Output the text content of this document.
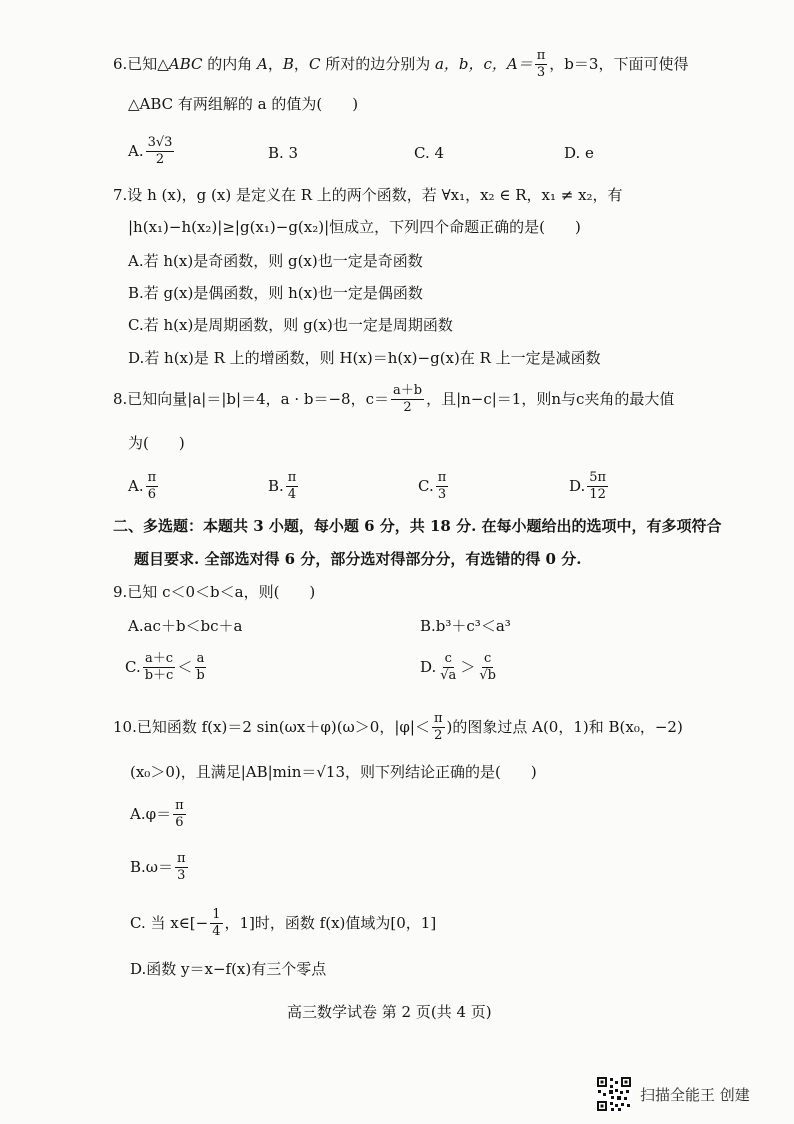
6.已知△ABC 的内角 A，B，C 所对的边分别为 a，b，c，$A= \frac{\pi}{3}$ ，b＝3，下面可使得
△ABC 有两组解的 a 的值为(　　)
A. $\frac{3√3}{2}$	B. 3	C. 4	D. e
7.设 h (x)，g (x) 是定义在 R 上的两个函数，若 ∀x₁，x₂ ∈ R，x₁ ≠ x₂，有
|h(x₁)−h(x₂)|≥|g(x₁)−g(x₂)|恒成立，下列四个命题正确的是(　　)
A.若 h(x)是奇函数，则 g(x)也一定是奇函数
B.若 g(x)是偶函数，则 h(x)也一定是偶函数
C.若 h(x)是周期函数，则 g(x)也一定是周期函数
D.若 h(x)是 R 上的增函数，则 H(x)＝h(x)−g(x)在 R 上一定是减函数
8.已知向量|a|＝|b|＝4，a · b＝−8，$c= \frac{a+b}{2}$ ，且|n−c|＝1，则n与c夹角的最大值
为(　　)
A. $\frac{\pi}{6}$	B. $\frac{\pi}{4}$	C. $\frac{\pi}{3}$	D. $\frac{5\pi}{12}$
二、多选题：本题共 3 小题，每小题 6 分，共 18 分. 在每小题给出的选项中，有多项符合
题目要求. 全部选对得 6 分，部分选对得部分分，有选错的得 0 分.
9.已知 c＜0＜b＜a，则(　　)
A.ac＋b＜bc＋a	B.b³＋c³＜a³
C. $\frac{a+c}{b+c} < \frac{a}{b}$	D. $\frac{c}{√a} > \frac{c}{√b}$
10.已知函数 f(x)＝2 sin(ωx＋φ)(ω＞0，$|\varphi|< \frac{\pi}{2}$ )的图象过点 A(0，1)和 B(x₀，−2)
(x₀＞0)，且满足|AB|min＝√13，则下列结论正确的是(　　)
$A.\varphi= \frac{\pi}{6}$
$B.\omega= \frac{\pi}{3}$
C. 当 x∈[− $\frac{1}{4}$ ，1]时，函数 f(x)值域为[0，1]
D.函数 y＝x−f(x)有三个零点
高三数学试卷 第 2 页(共 4 页)
扫描全能王 创建
